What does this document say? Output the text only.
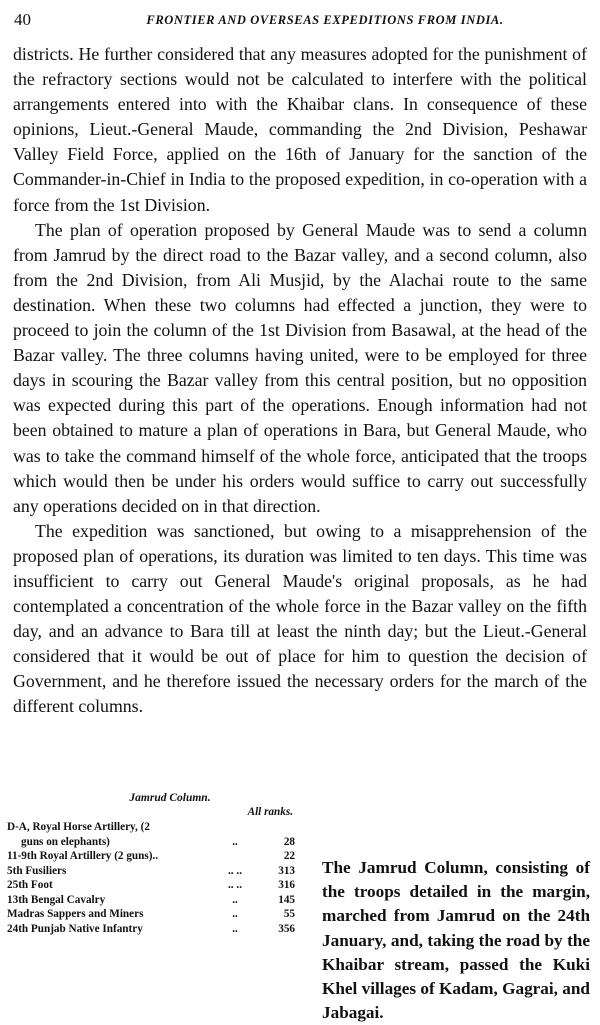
40	FRONTIER AND OVERSEAS EXPEDITIONS FROM INDIA.

districts. He further considered that any measures adopted for the punishment of the refractory sections would not be calculated to interfere with the political arrangements entered into with the Khaibar clans. In consequence of these opinions, Lieut.-General Maude, commanding the 2nd Division, Peshawar Valley Field Force, applied on the 16th of January for the sanction of the Commander-in-Chief in India to the proposed expedition, in co-operation with a force from the 1st Division.

The plan of operation proposed by General Maude was to send a column from Jamrud by the direct road to the Bazar valley, and a second column, also from the 2nd Division, from Ali Musjid, by the Alachai route to the same destination. When these two columns had effected a junction, they were to proceed to join the column of the 1st Division from Basawal, at the head of the Bazar valley. The three columns having united, were to be employed for three days in scouring the Bazar valley from this central position, but no opposition was expected during this part of the operations. Enough information had not been obtained to mature a plan of operations in Bara, but General Maude, who was to take the command himself of the whole force, anticipated that the troops which would then be under his orders would suffice to carry out successfully any operations decided on in that direction.

The expedition was sanctioned, but owing to a misapprehension of the proposed plan of operations, its duration was limited to ten days. This time was insufficient to carry out General Maude's original proposals, as he had contemplated a concentration of the whole force in the Bazar valley on the fifth day, and an advance to Bara till at least the ninth day; but the Lieut.-General considered that it would be out of place for him to question the decision of Government, and he therefore issued the necessary orders for the march of the different columns.

Jamrud Column.
All ranks.
D-A, Royal Horse Artillery, (2
guns on elephants)	..	28
11-9th Royal Artillery (2 guns)..	22
5th Fusiliers	.. ..	313
25th Foot	.. ..	316
13th Bengal Cavalry	..	145
Madras Sappers and Miners	..	55
24th Punjab Native Infantry	..	356

The Jamrud Column, consisting of the troops detailed in the margin, marched from Jamrud on the 24th January, and, taking the road by the Khaibar stream, passed the Kuki Khel villages of Kadam, Gagrai, and Jabagai.
